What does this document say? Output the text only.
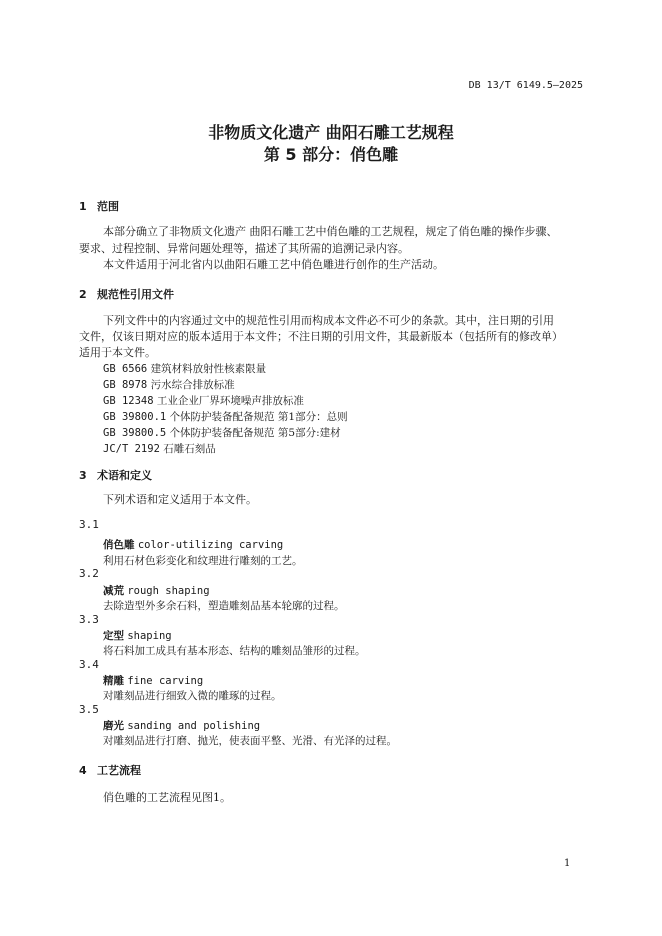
DB 13/T 6149.5—2025
非物质文化遗产 曲阳石雕工艺规程
第 5 部分：俏色雕
1 范围
本部分确立了非物质文化遗产 曲阳石雕工艺中俏色雕的工艺规程，规定了俏色雕的操作步骤、
要求、过程控制、异常问题处理等，描述了其所需的追溯记录内容。
本文件适用于河北省内以曲阳石雕工艺中俏色雕进行创作的生产活动。
2 规范性引用文件
下列文件中的内容通过文中的规范性引用而构成本文件必不可少的条款。其中，注日期的引用
文件，仅该日期对应的版本适用于本文件；不注日期的引用文件，其最新版本（包括所有的修改单）
适用于本文件。
GB 6566 建筑材料放射性核素限量
GB 8978 污水综合排放标准
GB 12348 工业企业厂界环境噪声排放标准
GB 39800.1 个体防护装备配备规范 第1部分：总则
GB 39800.5 个体防护装备配备规范 第5部分:建材
JC/T 2192 石雕石刻品
3 术语和定义
下列术语和定义适用于本文件。
3.1
俏色雕 color-utilizing carving
利用石材色彩变化和纹理进行雕刻的工艺。
3.2
减荒 rough shaping
去除造型外多余石料，塑造雕刻品基本轮廓的过程。
3.3
定型 shaping
将石料加工成具有基本形态、结构的雕刻品雏形的过程。
3.4
精雕 fine carving
对雕刻品进行细致入微的雕琢的过程。
3.5
磨光 sanding and polishing
对雕刻品进行打磨、抛光，使表面平整、光滑、有光泽的过程。
4 工艺流程
俏色雕的工艺流程见图1。
1
